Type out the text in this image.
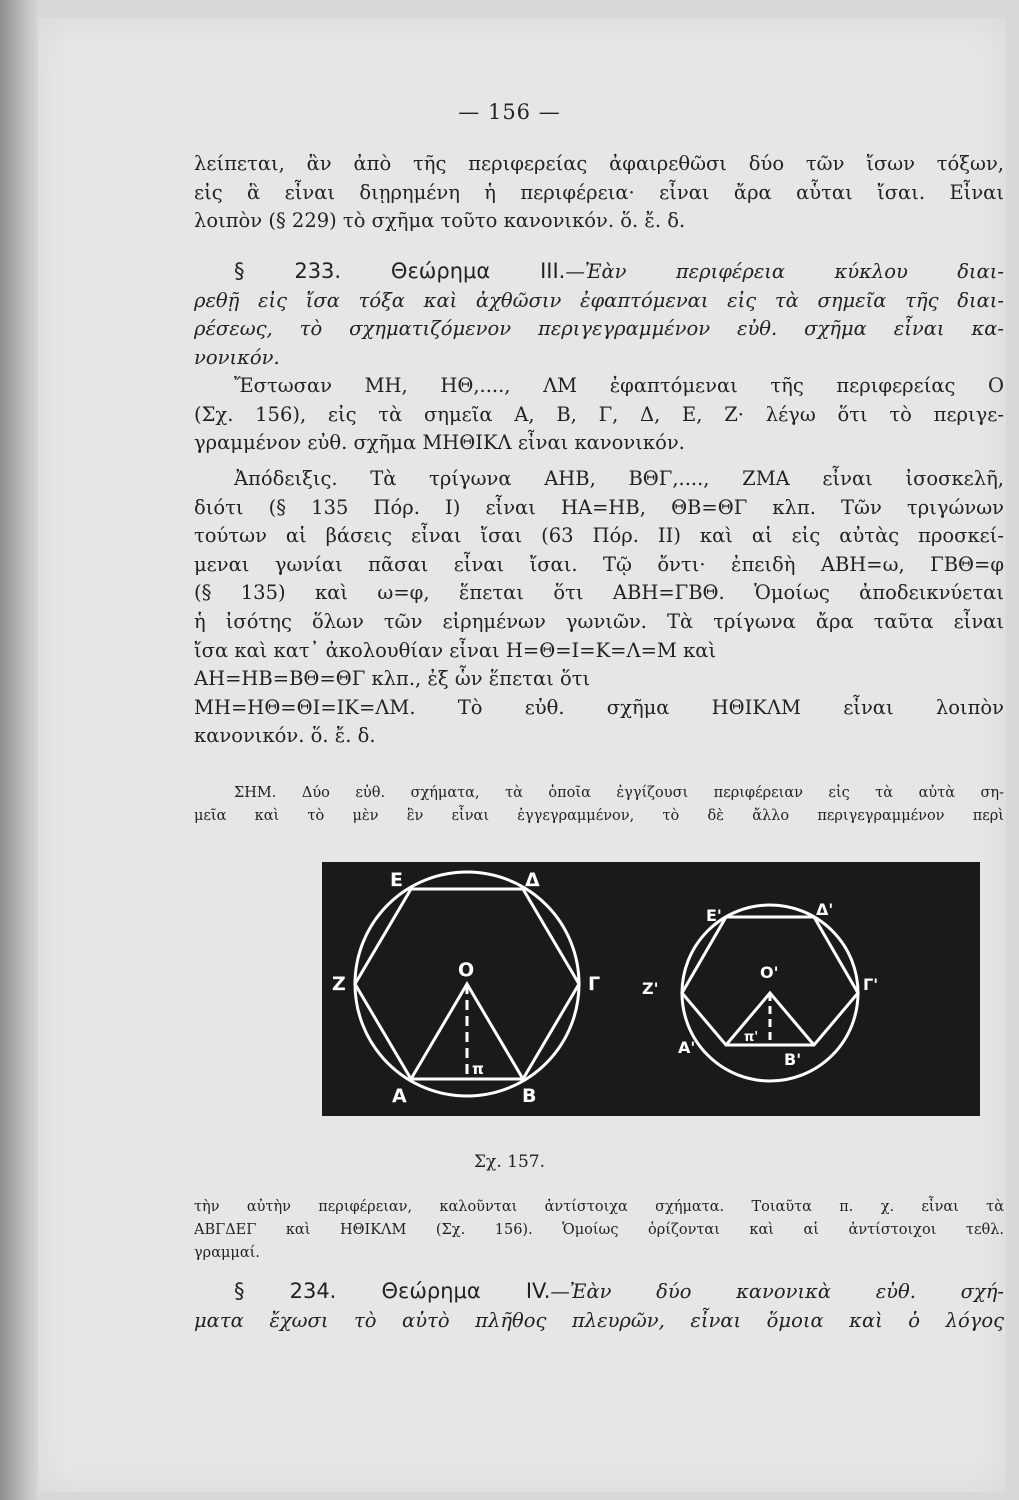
— 156 —
λείπεται, ἂν ἀπὸ τῆς περιφερείας ἀφαιρεθῶσι δύο τῶν ἴσων τόξων,
εἰς ἃ εἶναι διῃρημένη ἡ περιφέρεια· εἶναι ἄρα αὗται ἴσαι. Εἶναι
λοιπὸν (§ 229) τὸ σχῆμα τοῦτο κανονικόν. ὅ. ἔ. δ.
§ 233. Θεώρημα III.—Ἐὰν περιφέρεια κύκλου διαι-
ρεθῇ εἰς ἴσα τόξα καὶ ἀχθῶσιν ἐφαπτόμεναι εἰς τὰ σημεῖα τῆς διαι-
ρέσεως, τὸ σχηματιζόμενον περιγεγραμμένον εὐθ. σχῆμα εἶναι κα-
νονικόν.
Ἔστωσαν ΜΗ, ΗΘ,...., ΛΜ ἐφαπτόμεναι τῆς περιφερείας Ο
(Σχ. 156), εἰς τὰ σημεῖα Α, Β, Γ, Δ, Ε, Ζ· λέγω ὅτι τὸ περιγε-
γραμμένον εὐθ. σχῆμα ΜΗΘΙΚΛ εἶναι κανονικόν.
Ἀπόδειξις. Τὰ τρίγωνα ΑΗΒ, ΒΘΓ,...., ΖΜΑ εἶναι ἰσοσκελῆ,
διότι (§ 135 Πόρ. I) εἶναι ΗΑ=ΗΒ, ΘΒ=ΘΓ κλπ. Τῶν τριγώνων
τούτων αἱ βάσεις εἶναι ἴσαι (63 Πόρ. II) καὶ αἱ εἰς αὐτὰς προσκεί-
μεναι γωνίαι πᾶσαι εἶναι ἴσαι. Τῷ ὄντι· ἐπειδὴ ΑΒΗ=ω, ΓΒΘ=φ
(§ 135) καὶ ω=φ, ἕπεται ὅτι ΑΒΗ=ΓΒΘ. Ὁμοίως ἀποδεικνύεται
ἡ ἰσότης ὅλων τῶν εἰρημένων γωνιῶν. Τὰ τρίγωνα ἄρα ταῦτα εἶναι
ἴσα καὶ κατ᾽ ἀκολουθίαν εἶναι Η=Θ=Ι=Κ=Λ=Μ καὶ
ΑΗ=ΗΒ=ΒΘ=ΘΓ κλπ., ἐξ ὧν ἕπεται ὅτι
ΜΗ=ΗΘ=ΘΙ=ΙΚ=ΛΜ. Τὸ εὐθ. σχῆμα ΗΘΙΚΛΜ εἶναι λοιπὸν
κανονικόν. ὅ. ἔ. δ.
ΣΗΜ. Δύο εὐθ. σχήματα, τὰ ὁποῖα ἐγγίζουσι περιφέρειαν εἰς τὰ αὐτὰ ση-
μεῖα καὶ τὸ μὲν ἓν εἶναι ἐγγεγραμμένον, τὸ δὲ ἄλλο περιγεγραμμένον περὶ
Ε	Δ
Ζ
Ο
Γ
Α
π
Β
Ε'	Δ'
Ζ'
Ο'
Γ'
Α'
π'
Β'
Σχ. 157.
τὴν αὐτὴν περιφέρειαν, καλοῦνται ἀντίστοιχα σχήματα. Τοιαῦτα π. χ. εἶναι τὰ
ΑΒΓΔΕΓ καὶ ΗΘΙΚΛΜ (Σχ. 156). Ὁμοίως ὁρίζονται καὶ αἱ ἀντίστοιχοι τεθλ.
γραμμαί.
§ 234. Θεώρημα IV.—Ἐὰν δύο κανονικὰ εὐθ. σχή-
ματα ἔχωσι τὸ αὐτὸ πλῆθος πλευρῶν, εἶναι ὅμοια καὶ ὁ λόγος
